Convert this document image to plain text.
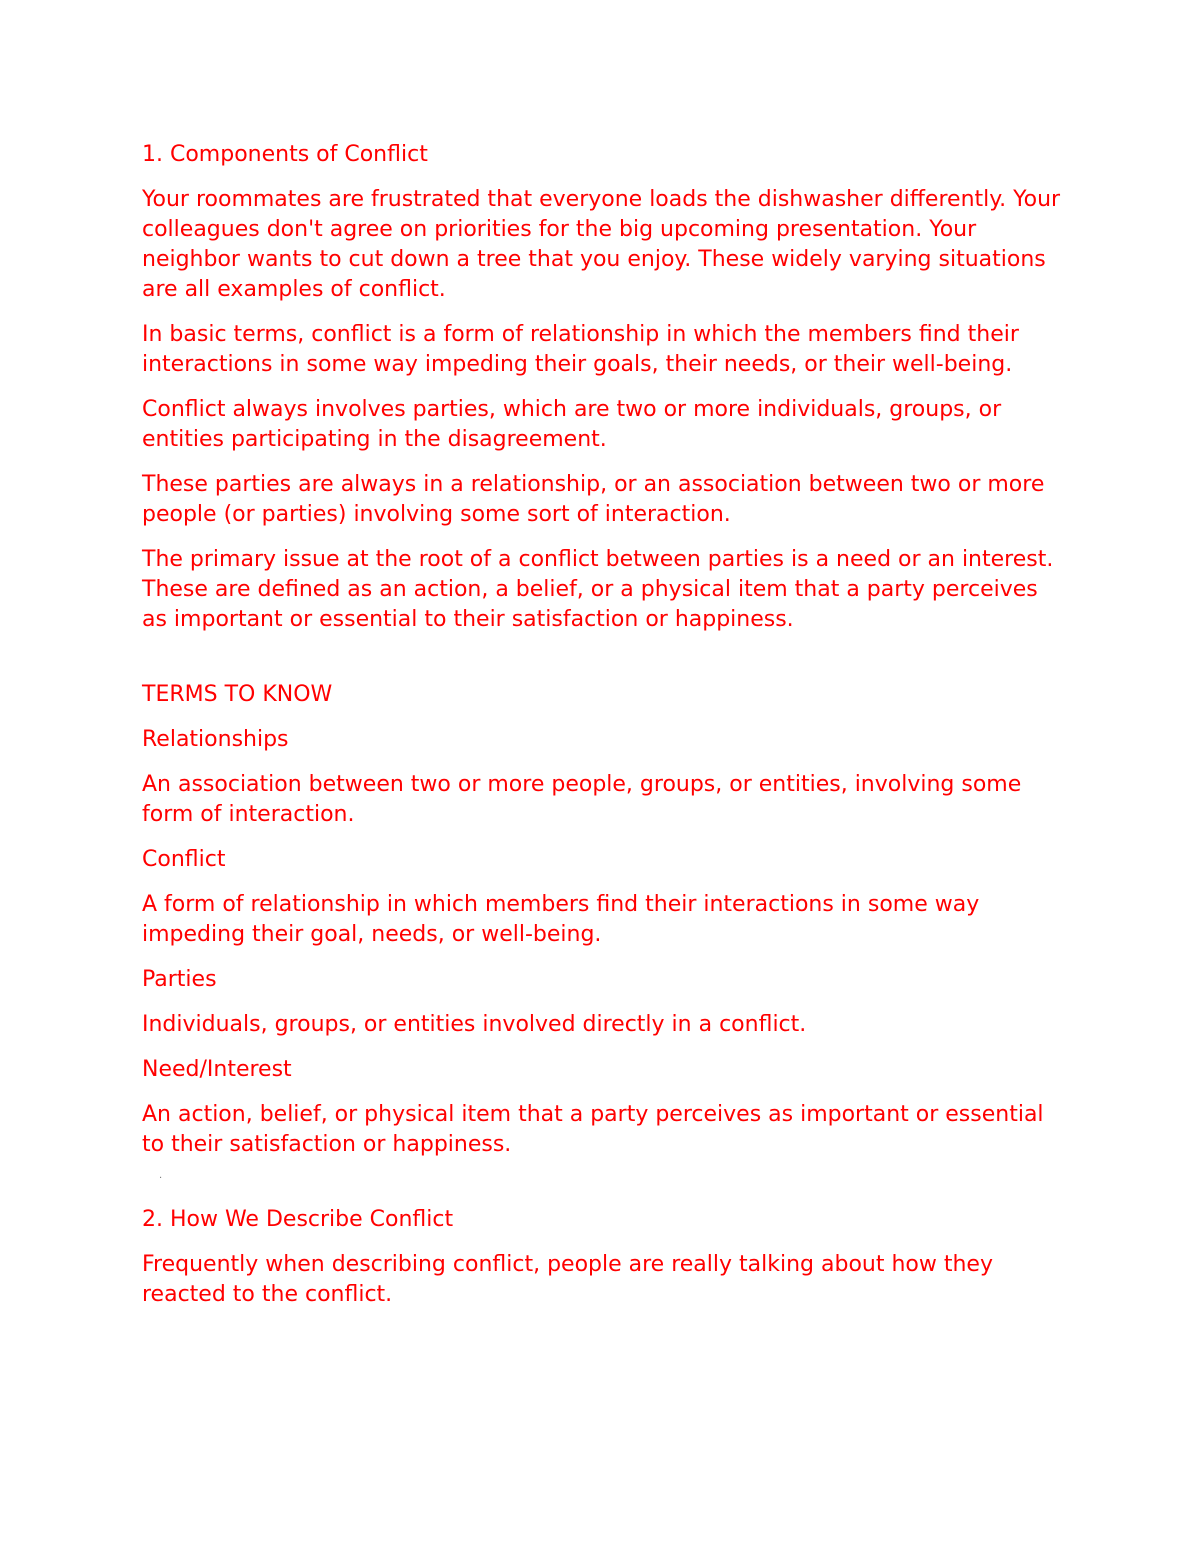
1. Components of Conflict

Your roommates are frustrated that everyone loads the dishwasher differently. Your colleagues don't agree on priorities for the big upcoming presentation. Your neighbor wants to cut down a tree that you enjoy. These widely varying situations are all examples of conflict.

In basic terms, conflict is a form of relationship in which the members find their interactions in some way impeding their goals, their needs, or their well-being.

Conflict always involves parties, which are two or more individuals, groups, or entities participating in the disagreement.

These parties are always in a relationship, or an association between two or more people (or parties) involving some sort of interaction.

The primary issue at the root of a conflict between parties is a need or an interest. These are defined as an action, a belief, or a physical item that a party perceives as important or essential to their satisfaction or happiness.

TERMS TO KNOW

Relationships

An association between two or more people, groups, or entities, involving some form of interaction.

Conflict

A form of relationship in which members find their interactions in some way impeding their goal, needs, or well-being.

Parties

Individuals, groups, or entities involved directly in a conflict.

Need/Interest

An action, belief, or physical item that a party perceives as important or essential to their satisfaction or happiness.

.

2. How We Describe Conflict

Frequently when describing conflict, people are really talking about how they reacted to the conflict.
